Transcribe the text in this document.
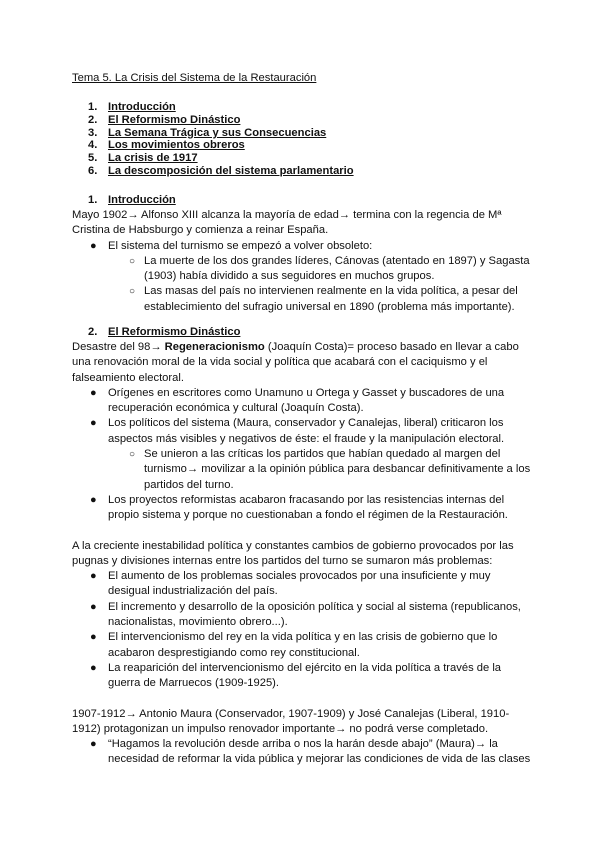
Tema 5. La Crisis del Sistema de la Restauración
1. Introducción
2. El Reformismo Dinástico
3. La Semana Trágica y sus Consecuencias
4. Los movimientos obreros
5. La crisis de 1917
6. La descomposición del sistema parlamentario
1. Introducción

Mayo 1902→ Alfonso XIII alcanza la mayoría de edad→ termina con la regencia de Mª Cristina de Habsburgo y comienza a reinar España.

● El sistema del turnismo se empezó a volver obsoleto:
○ La muerte de los dos grandes líderes, Cánovas (atentado en 1897) y Sagasta (1903) había dividido a sus seguidores en muchos grupos.
○ Las masas del país no intervienen realmente en la vida política, a pesar del establecimiento del sufragio universal en 1890 (problema más importante).
2. El Reformismo Dinástico

Desastre del 98→ Regeneracionismo (Joaquín Costa)= proceso basado en llevar a cabo una renovación moral de la vida social y política que acabará con el caciquismo y el falseamiento electoral.

● Orígenes en escritores como Unamuno u Ortega y Gasset y buscadores de una recuperación económica y cultural (Joaquín Costa).
● Los políticos del sistema (Maura, conservador y Canalejas, liberal) criticaron los aspectos más visibles y negativos de éste: el fraude y la manipulación electoral.
○ Se unieron a las críticas los partidos que habían quedado al margen del turnismo→ movilizar a la opinión pública para desbancar definitivamente a los partidos del turno.
● Los proyectos reformistas acabaron fracasando por las resistencias internas del propio sistema y porque no cuestionaban a fondo el régimen de la Restauración.

A la creciente inestabilidad política y constantes cambios de gobierno provocados por las pugnas y divisiones internas entre los partidos del turno se sumaron más problemas:

● El aumento de los problemas sociales provocados por una insuficiente y muy desigual industrialización del país.
● El incremento y desarrollo de la oposición política y social al sistema (republicanos, nacionalistas, movimiento obrero...).
● El intervencionismo del rey en la vida política y en las crisis de gobierno que lo acabaron desprestigiando como rey constitucional.
● La reaparición del intervencionismo del ejército en la vida política a través de la guerra de Marruecos (1909-1925).

1907-1912→ Antonio Maura (Conservador, 1907-1909) y José Canalejas (Liberal, 1910-1912) protagonizan un impulso renovador importante→ no podrá verse completado.

● “Hagamos la revolución desde arriba o nos la harán desde abajo” (Maura)→ la necesidad de reformar la vida pública y mejorar las condiciones de vida de las clases
